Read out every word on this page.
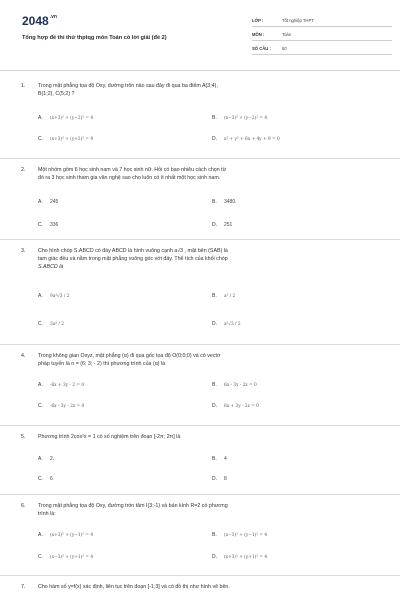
$2048^{.vn}$
Tổng hợp đề thi thử thptqg môn Toán có lời giải (đề 2)
LỚP :	Tốt nghiệp THPT
MÔN :	Toán
SỐ CÂU :	50
1. Trong mặt phẳng tọa độ Oxy, đường tròn nào sau đây đi qua ba điểm A(3;4),
B(1;2), C(5;2) ?
A. (x+3)² + (y−2)² = 4	B. (x−3)² + (y−2)² = 4
C. (x+3)² + (y+2)² = 4	D. x² + y² + 6x + 4y + 9 = 0
2. Một nhóm gồm 6 học sinh nam và 7 học sinh nữ. Hỏi có bao nhiêu cách chọn từ
đó ra 3 học sinh tham gia văn nghệ sao cho luôn có ít nhất một học sinh nam.
A. 245	B. 3480.
C. 336	D. 251
3. Cho hình chóp S.ABCD có đáy ABCD là hình vuông cạnh a√3 , mặt bên (SAB) là
tam giác đều và nằm trong mặt phẳng vuông góc với đáy. Thể tích của khối chóp
S.ABCD là
A. 9a³√3 / 2	B. a³ / 2
C. 3a³ / 2	D. a³√3 / 2
4. Trong không gian Oxyz, mặt phẳng (α) đi qua gốc tọa độ O(0;0;0) và có vectơ
pháp tuyến là n = (6; 3; - 2) thì phương trình của (α) là
A. -6x + 3y - 2 = 0	B. 6x - 3y - 2z = 0
C. -6x - 3y - 2z = 0	D. 6x + 3y - 2z = 0
5. Phương trình 2cos²x = 1 có số nghiệm trên đoạn [-2π; 2π] là
A. 2.	B. 4
C. 6	D. 8
6. Trong mặt phẳng tọa độ Oxy, đường tròn tâm I(3;-1) và bán kính R=2 có phương
trình là:
A. (x+3)² + (y−1)² = 4	B. (x−3)² + (y−1)² = 4
C. (x−3)² + (y+1)² = 4	D. (x+3)² + (y+1)² = 4
7. Cho hàm số y=f(x) xác định, liên tục trên đoạn [-1;3] và có đồ thị như hình vẽ bên.
